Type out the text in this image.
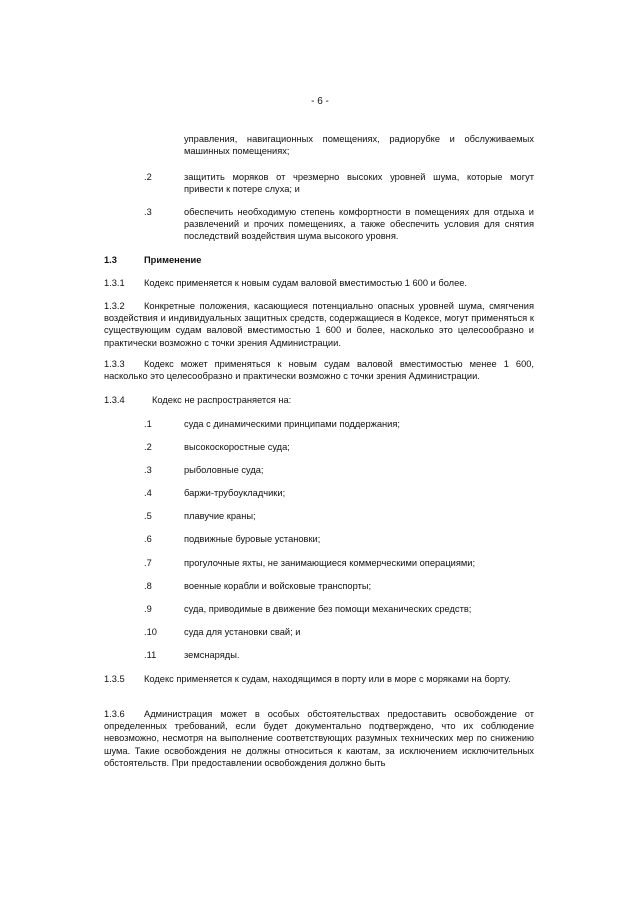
- 6 -
управления, навигационных помещениях, радиорубке и обслуживаемых машинных помещениях;
.2	защитить моряков от чрезмерно высоких уровней шума, которые могут привести к потере слуха; и
.3	обеспечить необходимую степень комфортности в помещениях для отдыха и развлечений и прочих помещениях, а также обеспечить условия для снятия последствий воздействия шума высокого уровня.
1.3	Применение
1.3.1 Кодекс применяется к новым судам валовой вместимостью 1 600 и более.
1.3.2 Конкретные положения, касающиеся потенциально опасных уровней шума, смягчения воздействия и индивидуальных защитных средств, содержащиеся в Кодексе, могут применяться к существующим судам валовой вместимостью 1 600 и более, насколько это целесообразно и практически возможно с точки зрения Администрации.
1.3.3 Кодекс может применяться к новым судам валовой вместимостью менее 1 600, насколько это целесообразно и практически возможно с точки зрения Администрации.
1.3.4	Кодекс не распространяется на:
.1	суда с динамическими принципами поддержания;
.2	высокоскоростные суда;
.3	рыболовные суда;
.4	баржи-трубоукладчики;
.5	плавучие краны;
.6	подвижные буровые установки;
.7	прогулочные яхты, не занимающиеся коммерческими операциями;
.8	военные корабли и войсковые транспорты;
.9	суда, приводимые в движение без помощи механических средств;
.10	суда для установки свай; и
.11	земснаряды.
1.3.5 Кодекс применяется к судам, находящимся в порту или в море с моряками на борту.
1.3.6 Администрация может в особых обстоятельствах предоставить освобождение от определенных требований, если будет документально подтверждено, что их соблюдение невозможно, несмотря на выполнение соответствующих разумных технических мер по снижению шума. Такие освобождения не должны относиться к каютам, за исключением исключительных обстоятельств. При предоставлении освобождения должно быть
